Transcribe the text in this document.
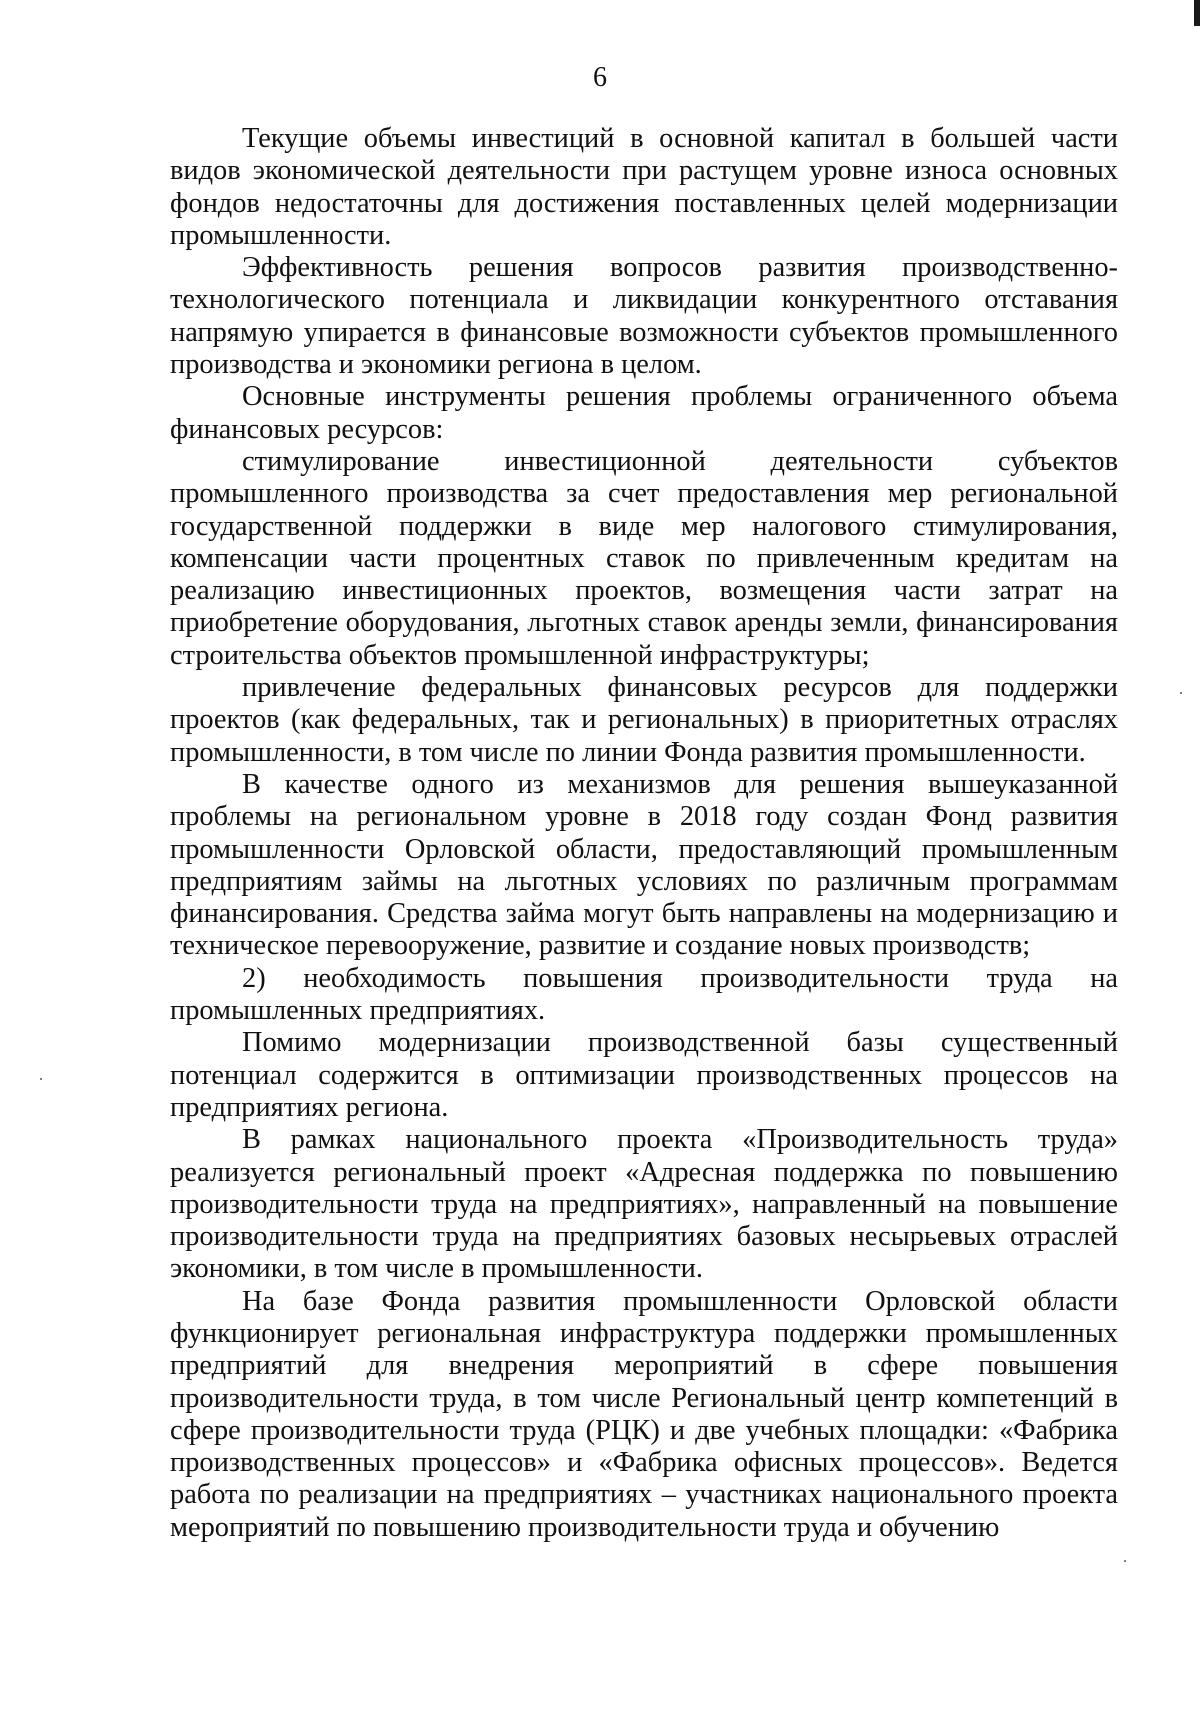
6

Текущие объемы инвестиций в основной капитал в большей части видов экономической деятельности при растущем уровне износа основных фондов недостаточны для достижения поставленных целей модернизации промышленности.

Эффективность решения вопросов развития производственно-технологического потенциала и ликвидации конкурентного отставания напрямую упирается в финансовые возможности субъектов промышленного производства и экономики региона в целом.

Основные инструменты решения проблемы ограниченного объема финансовых ресурсов:

стимулирование инвестиционной деятельности субъектов промышленного производства за счет предоставления мер региональной государственной поддержки в виде мер налогового стимулирования, компенсации части процентных ставок по привлеченным кредитам на реализацию инвестиционных проектов, возмещения части затрат на приобретение оборудования, льготных ставок аренды земли, финансирования строительства объектов промышленной инфраструктуры;

привлечение федеральных финансовых ресурсов для поддержки проектов (как федеральных, так и региональных) в приоритетных отраслях промышленности, в том числе по линии Фонда развития промышленности.

В качестве одного из механизмов для решения вышеуказанной проблемы на региональном уровне в 2018 году создан Фонд развития промышленности Орловской области, предоставляющий промышленным предприятиям займы на льготных условиях по различным программам финансирования. Средства займа могут быть направлены на модернизацию и техническое перевооружение, развитие и создание новых производств;

2) необходимость повышения производительности труда на промышленных предприятиях.

Помимо модернизации производственной базы существенный потенциал содержится в оптимизации производственных процессов на предприятиях региона.

В рамках национального проекта «Производительность труда» реализуется региональный проект «Адресная поддержка по повышению производительности труда на предприятиях», направленный на повышение производительности труда на предприятиях базовых несырьевых отраслей экономики, в том числе в промышленности.

На базе Фонда развития промышленности Орловской области функционирует региональная инфраструктура поддержки промышленных предприятий для внедрения мероприятий в сфере повышения производительности труда, в том числе Региональный центр компетенций в сфере производительности труда (РЦК) и две учебных площадки: «Фабрика производственных процессов» и «Фабрика офисных процессов». Ведется работа по реализации на предприятиях – участниках национального проекта мероприятий по повышению производительности труда и обучению
